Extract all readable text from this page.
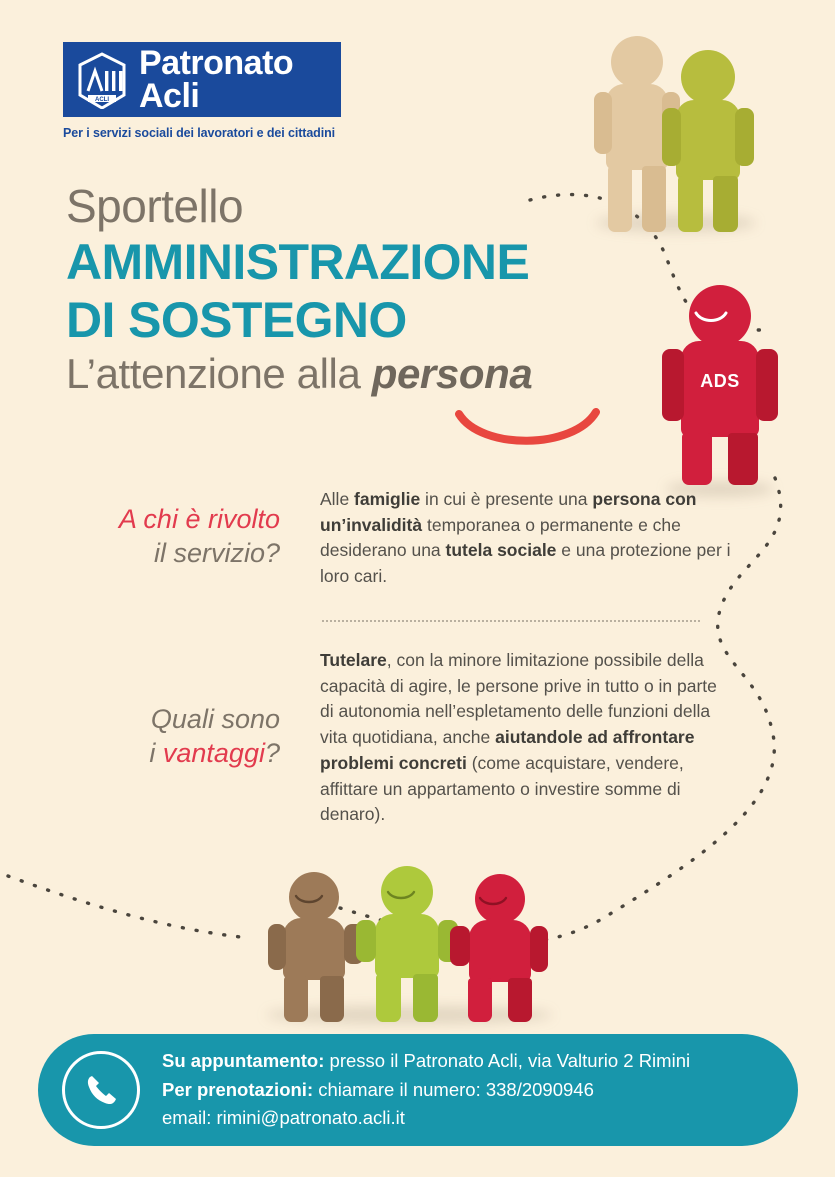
ACLI
Patronato
Acli
Per i servizi sociali dei lavoratori e dei cittadini
Sportello
AMMINISTRAZIONE
DI SOSTEGNO
L’attenzione alla persona	ADS
A chi è rivolto
il servizio?
Alle famiglie in cui è presente una persona con un’invalidità temporanea o permanente e che desiderano una tutela sociale e una protezione per i loro cari.
Quali sono
i vantaggi?
Tutelare, con la minore limitazione possibile della capacità di agire, le persone prive in tutto o in parte di autonomia nell’espletamento delle funzioni della vita quotidiana, anche aiutandole ad affrontare problemi concreti (come acquistare, vendere, affittare un appartamento o investire somme di denaro).
Su appuntamento: presso il Patronato Acli, via Valturio 2 Rimini
Per prenotazioni: chiamare il numero: 338/2090946
email: rimini@patronato.acli.it
